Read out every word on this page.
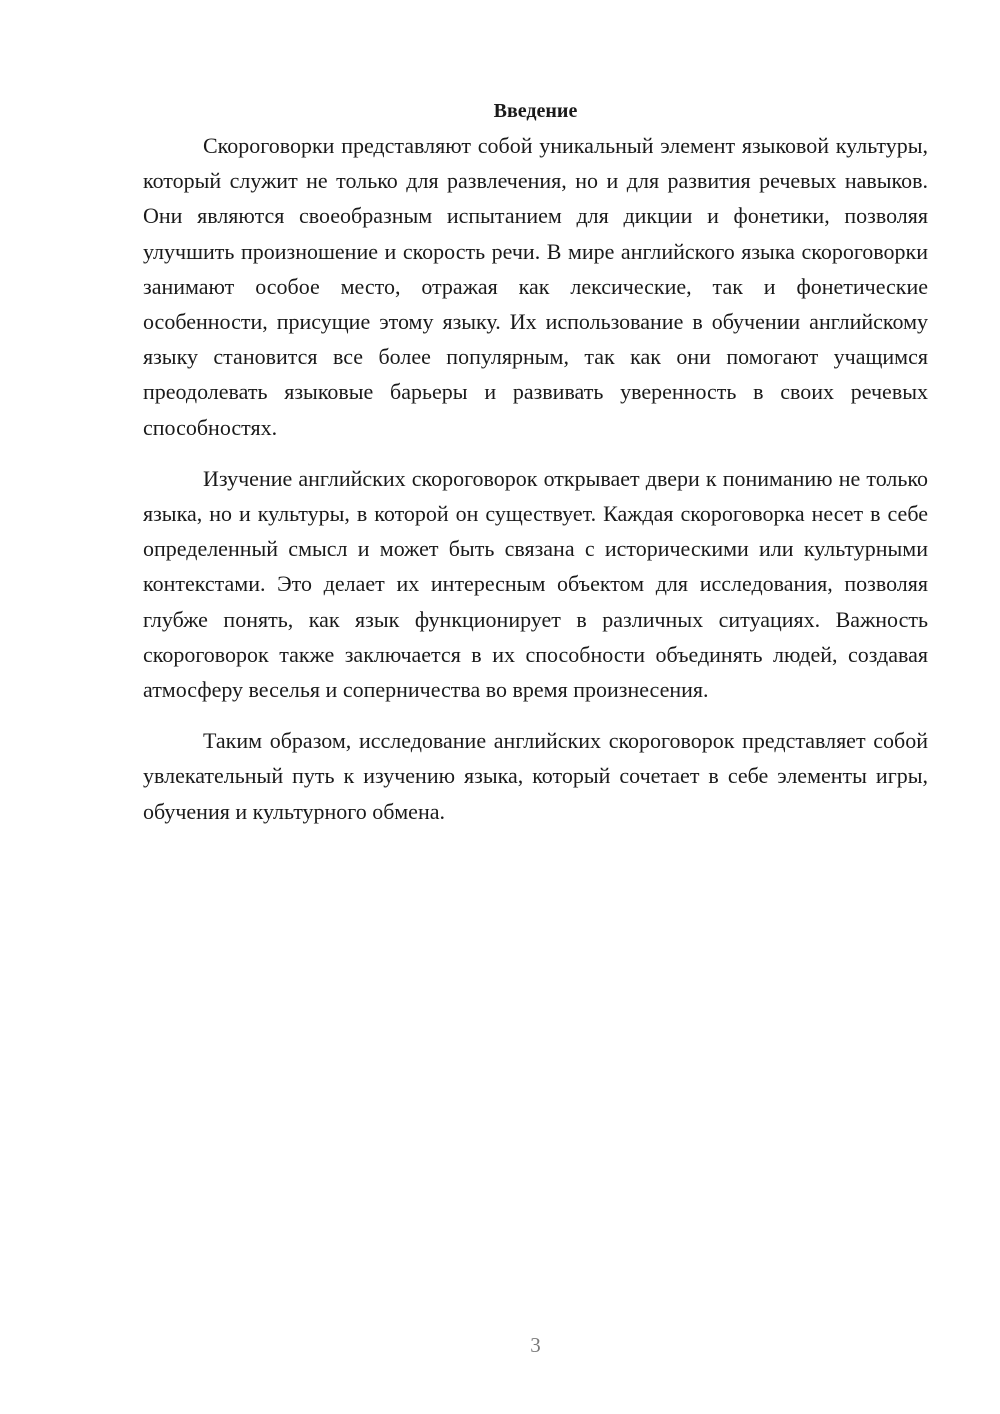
Введение

Скороговорки представляют собой уникальный элемент языковой культуры, который служит не только для развлечения, но и для развития речевых навыков. Они являются своеобразным испытанием для дикции и фонетики, позволяя улучшить произношение и скорость речи. В мире английского языка скороговорки занимают особое место, отражая как лексические, так и фонетические особенности, присущие этому языку. Их использование в обучении английскому языку становится все более популярным, так как они помогают учащимся преодолевать языковые барьеры и развивать уверенность в своих речевых способностях.

Изучение английских скороговорок открывает двери к пониманию не только языка, но и культуры, в которой он существует. Каждая скороговорка несет в себе определенный смысл и может быть связана с историческими или культурными контекстами. Это делает их интересным объектом для исследования, позволяя глубже понять, как язык функционирует в различных ситуациях. Важность скороговорок также заключается в их способности объединять людей, создавая атмосферу веселья и соперничества во время произнесения.

Таким образом, исследование английских скороговорок представляет собой увлекательный путь к изучению языка, который сочетает в себе элементы игры, обучения и культурного обмена.

3
